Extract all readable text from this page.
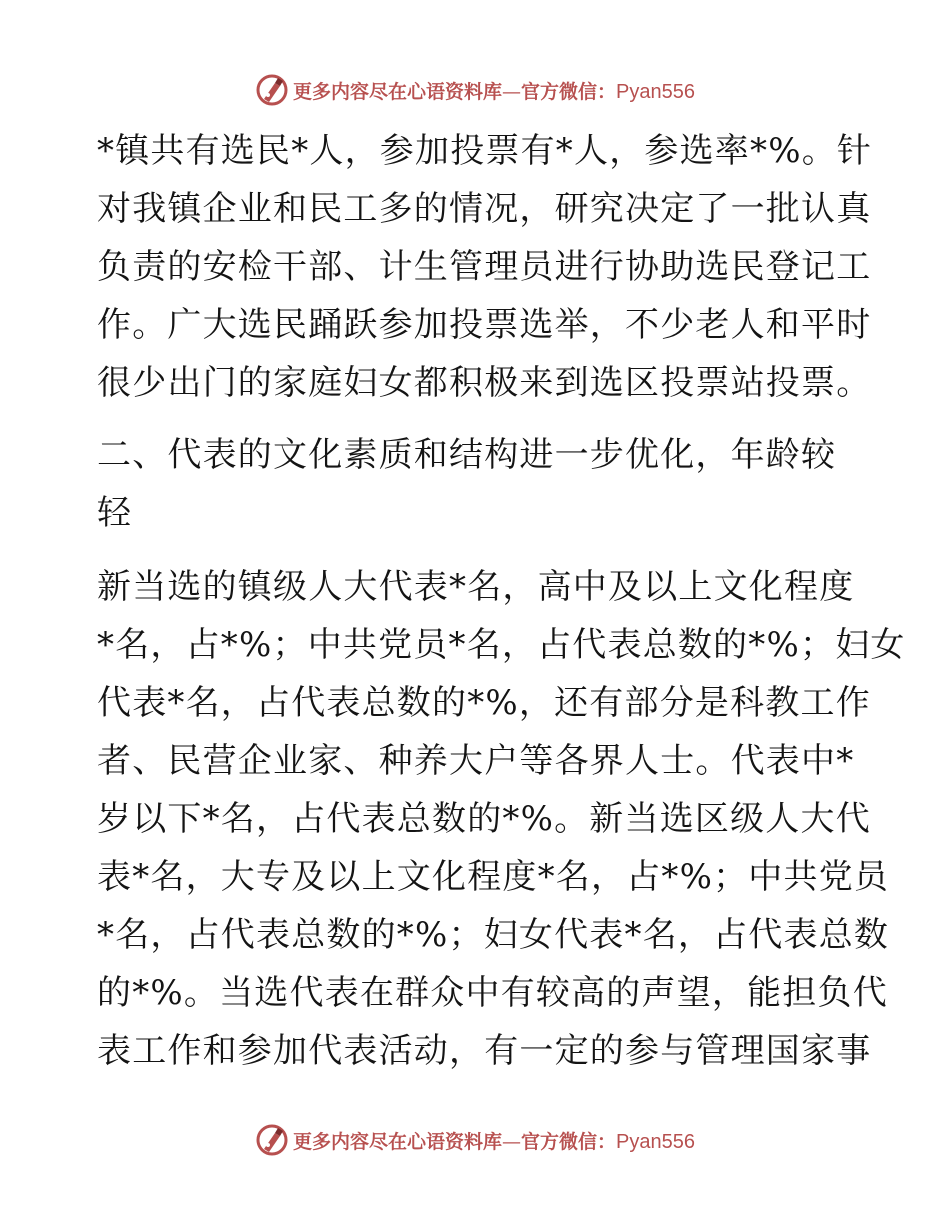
更多内容尽在心语资料库—官方微信：Pyan556
*镇共有选民*人，参加投票有*人，参选率*%。针
对我镇企业和民工多的情况，研究决定了一批认真
负责的安检干部、计生管理员进行协助选民登记工
作。广大选民踊跃参加投票选举，不少老人和平时
很少出门的家庭妇女都积极来到选区投票站投票。
二、代表的文化素质和结构进一步优化，年龄较
轻
新当选的镇级人大代表*名，高中及以上文化程度
*名，占*%；中共党员*名，占代表总数的*%；妇女
代表*名，占代表总数的*%，还有部分是科教工作
者、民营企业家、种养大户等各界人士。代表中*
岁以下*名，占代表总数的*%。新当选区级人大代
表*名，大专及以上文化程度*名，占*%；中共党员
*名，占代表总数的*%；妇女代表*名，占代表总数
的*%。当选代表在群众中有较高的声望，能担负代
表工作和参加代表活动，有一定的参与管理国家事
更多内容尽在心语资料库—官方微信：Pyan556
